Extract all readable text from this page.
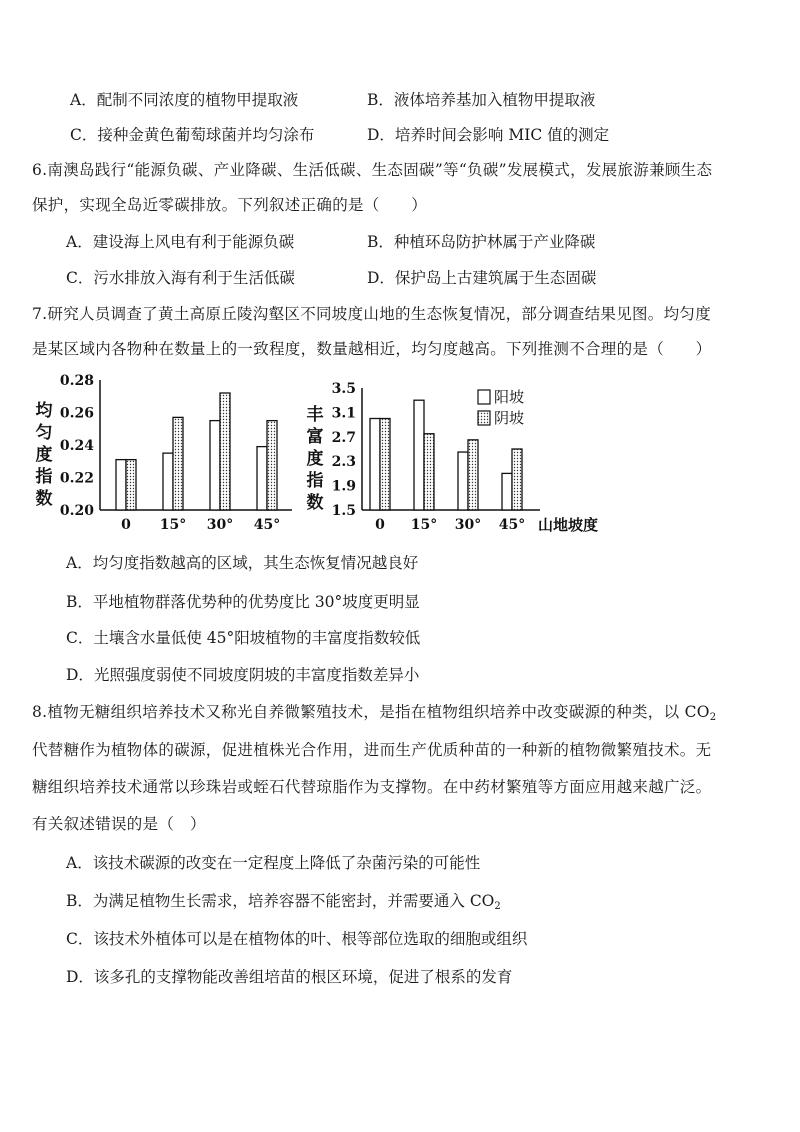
A．配制不同浓度的植物甲提取液	B．液体培养基加入植物甲提取液
C．接种金黄色葡萄球菌并均匀涂布	D．培养时间会影响 MIC 值的测定
6.南澳岛践行“能源负碳、产业降碳、生活低碳、生态固碳”等“负碳”发展模式，发展旅游兼顾生态
保护，实现全岛近零碳排放。下列叙述正确的是（　　）
A．建设海上风电有利于能源负碳	B．种植环岛防护林属于产业降碳
C．污水排放入海有利于生活低碳	D．保护岛上古建筑属于生态固碳
7.研究人员调查了黄土高原丘陵沟壑区不同坡度山地的生态恢复情况，部分调查结果见图。均匀度
是某区域内各物种在数量上的一致程度，数量越相近，均匀度越高。下列推测不合理的是（　　）
均
匀
度
指
数
0.28
0.26
0.24
0.22
0.20
0 15° 30° 45°
丰
富
度
指
数
3.5
3.1
2.7
2.3
1.9
1.5
0 15° 30° 45° 山地坡度
阳坡
阴坡
A．均匀度指数越高的区域，其生态恢复情况越良好
B．平地植物群落优势种的优势度比 30°坡度更明显
C．土壤含水量低使 45°阳坡植物的丰富度指数较低
D．光照强度弱使不同坡度阴坡的丰富度指数差异小
8.植物无糖组织培养技术又称光自养微繁殖技术，是指在植物组织培养中改变碳源的种类，以 $CO_2$
代替糖作为植物体的碳源，促进植株光合作用，进而生产优质种苗的一种新的植物微繁殖技术。无
糖组织培养技术通常以珍珠岩或蛭石代替琼脂作为支撑物。在中药材繁殖等方面应用越来越广泛。
有关叙述错误的是（　）
A．该技术碳源的改变在一定程度上降低了杂菌污染的可能性
B．为满足植物生长需求，培养容器不能密封，并需要通入 $CO_2$
C．该技术外植体可以是在植物体的叶、根等部位选取的细胞或组织
D．该多孔的支撑物能改善组培苗的根区环境，促进了根系的发育
